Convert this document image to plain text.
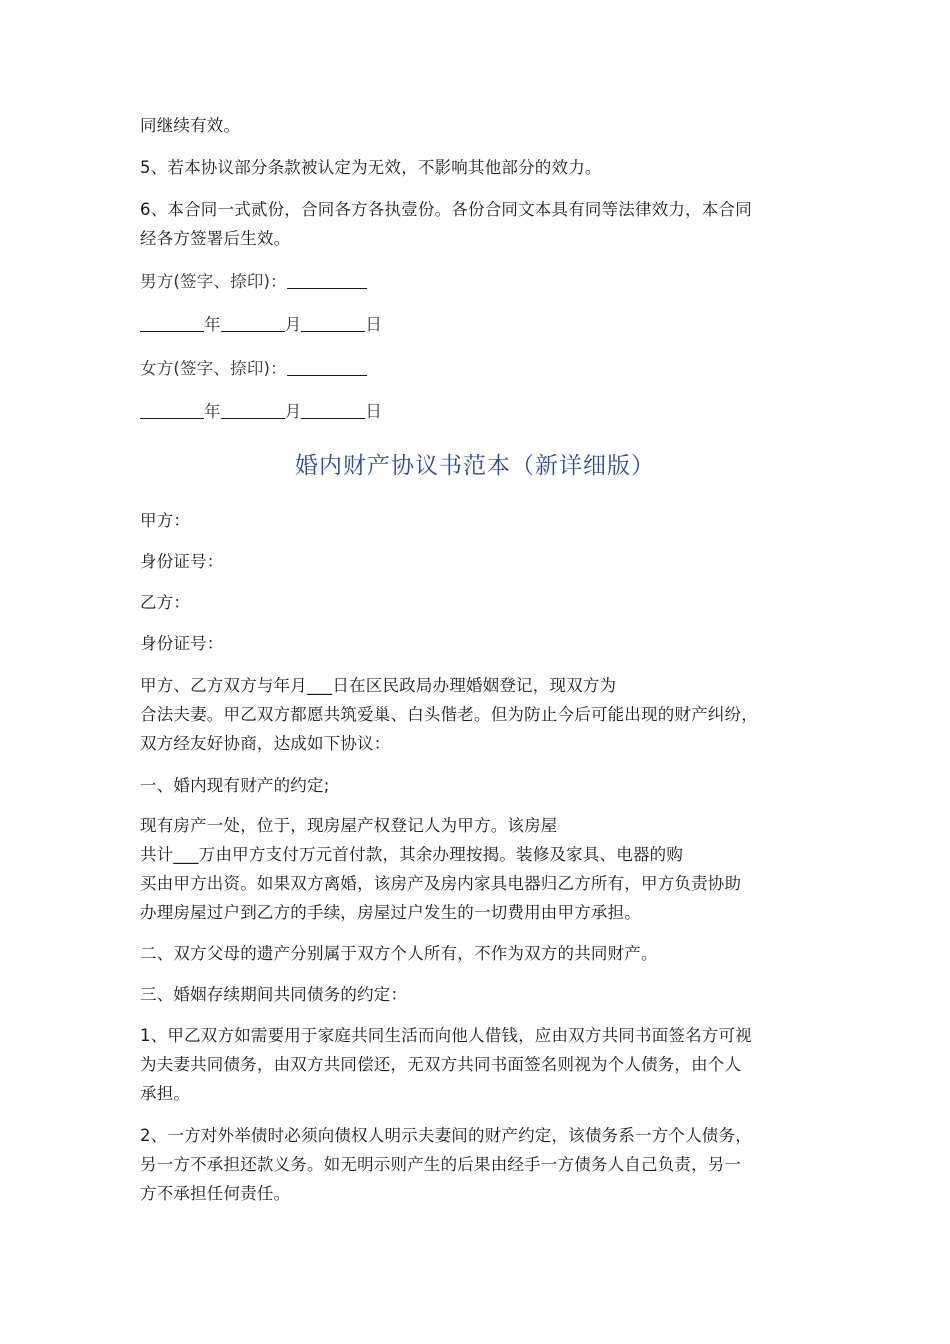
同继续有效。
5、若本协议部分条款被认定为无效，不影响其他部分的效力。
6、本合同一式贰份，合同各方各执壹份。各份合同文本具有同等法律效力，本合同
经各方签署后生效。
男方(签字、捺印)：
年	月	日
女方(签字、捺印)：
年	月	日
婚内财产协议书范本（新详细版）
甲方：
身份证号：
乙方：
身份证号：
甲方、乙方双方与年月___日在区民政局办理婚姻登记，现双方为
合法夫妻。甲乙双方都愿共筑爱巢、白头偕老。但为防止今后可能出现的财产纠纷，
双方经友好协商，达成如下协议：
一、婚内现有财产的约定;
现有房产一处，位于，现房屋产权登记人为甲方。该房屋
共计___万由甲方支付万元首付款，其余办理按揭。装修及家具、电器的购
买由甲方出资。如果双方离婚，该房产及房内家具电器归乙方所有，甲方负责协助
办理房屋过户到乙方的手续，房屋过户发生的一切费用由甲方承担。
二、双方父母的遗产分别属于双方个人所有，不作为双方的共同财产。
三、婚姻存续期间共同债务的约定：
1、甲乙双方如需要用于家庭共同生活而向他人借钱，应由双方共同书面签名方可视
为夫妻共同债务，由双方共同偿还，无双方共同书面签名则视为个人债务，由个人
承担。
2、一方对外举债时必须向债权人明示夫妻间的财产约定，该债务系一方个人债务，
另一方不承担还款义务。如无明示则产生的后果由经手一方债务人自己负责，另一
方不承担任何责任。
